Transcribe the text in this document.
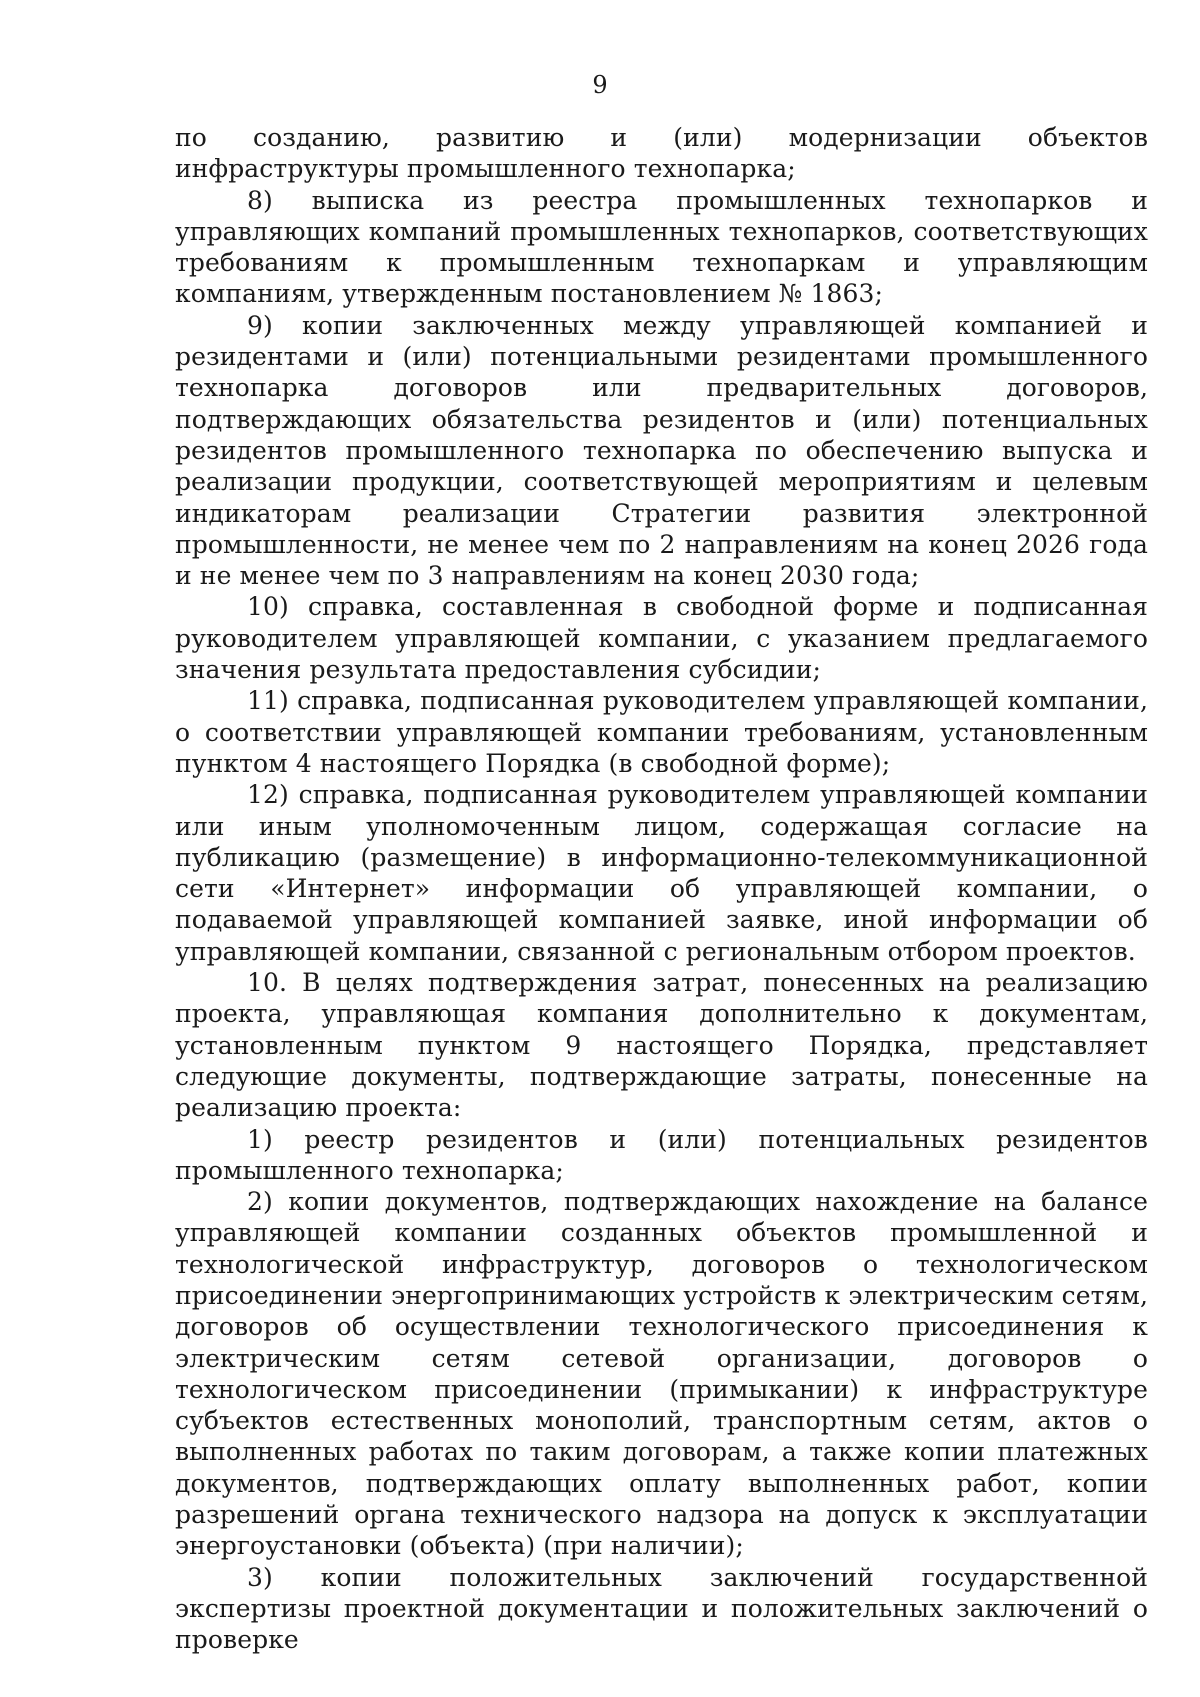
9

по созданию, развитию и (или) модернизации объектов инфраструктуры промышленного технопарка;

8) выписка из реестра промышленных технопарков и управляющих компаний промышленных технопарков, соответствующих требованиям к промышленным технопаркам и управляющим компаниям, утвержденным постановлением № 1863;

9) копии заключенных между управляющей компанией и резидентами и (или) потенциальными резидентами промышленного технопарка договоров или предварительных договоров, подтверждающих обязательства резидентов и (или) потенциальных резидентов промышленного технопарка по обеспечению выпуска и реализации продукции, соответствующей мероприятиям и целевым индикаторам реализации Стратегии развития электронной промышленности, не менее чем по 2 направлениям на конец 2026 года и не менее чем по 3 направлениям на конец 2030 года;

10) справка, составленная в свободной форме и подписанная руководителем управляющей компании, с указанием предлагаемого значения результата предоставления субсидии;

11) справка, подписанная руководителем управляющей компании, о соответствии управляющей компании требованиям, установленным пунктом 4 настоящего Порядка (в свободной форме);

12) справка, подписанная руководителем управляющей компании или иным уполномоченным лицом, содержащая согласие на публикацию (размещение) в информационно-телекоммуникационной сети «Интернет» информации об управляющей компании, о подаваемой управляющей компанией заявке, иной информации об управляющей компании, связанной с региональным отбором проектов.

10. В целях подтверждения затрат, понесенных на реализацию проекта, управляющая компания дополнительно к документам, установленным пунктом 9 настоящего Порядка, представляет следующие документы, подтверждающие затраты, понесенные на реализацию проекта:

1) реестр резидентов и (или) потенциальных резидентов промышленного технопарка;

2) копии документов, подтверждающих нахождение на балансе управляющей компании созданных объектов промышленной и технологической инфраструктур, договоров о технологическом присоединении энергопринимающих устройств к электрическим сетям, договоров об осуществлении технологического присоединения к электрическим сетям сетевой организации, договоров о технологическом присоединении (примыкании) к инфраструктуре субъектов естественных монополий, транспортным сетям, актов о выполненных работах по таким договорам, а также копии платежных документов, подтверждающих оплату выполненных работ, копии разрешений органа технического надзора на допуск к эксплуатации энергоустановки (объекта) (при наличии);

3) копии положительных заключений государственной экспертизы проектной документации и положительных заключений о проверке
